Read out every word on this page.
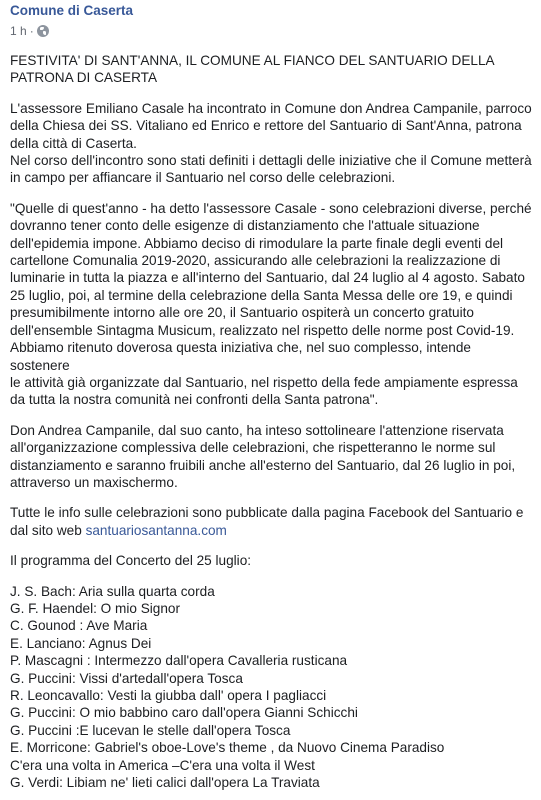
Comune di Caserta
1 h ·
FESTIVITA' DI SANT'ANNA, IL COMUNE AL FIANCO DEL SANTUARIO DELLA
PATRONA DI CASERTA
L'assessore Emiliano Casale ha incontrato in Comune don Andrea Campanile, parroco
della Chiesa dei SS. Vitaliano ed Enrico e rettore del Santuario di Sant'Anna, patrona
della città di Caserta.
Nel corso dell'incontro sono stati definiti i dettagli delle iniziative che il Comune metterà
in campo per affiancare il Santuario nel corso delle celebrazioni.
"Quelle di quest'anno - ha detto l'assessore Casale - sono celebrazioni diverse, perché
dovranno tener conto delle esigenze di distanziamento che l'attuale situazione
dell'epidemia impone. Abbiamo deciso di rimodulare la parte finale degli eventi del
cartellone Comunalia 2019-2020, assicurando alle celebrazioni la realizzazione di
luminarie in tutta la piazza e all'interno del Santuario, dal 24 luglio al 4 agosto. Sabato
25 luglio, poi, al termine della celebrazione della Santa Messa delle ore 19, e quindi
presumibilmente intorno alle ore 20, il Santuario ospiterà un concerto gratuito
dell'ensemble Sintagma Musicum, realizzato nel rispetto delle norme post Covid-19.
Abbiamo ritenuto doverosa questa iniziativa che, nel suo complesso, intende sostenere
le attività già organizzate dal Santuario, nel rispetto della fede ampiamente espressa
da tutta la nostra comunità nei confronti della Santa patrona".
Don Andrea Campanile, dal suo canto, ha inteso sottolineare l'attenzione riservata
all'organizzazione complessiva delle celebrazioni, che rispetteranno le norme sul
distanziamento e saranno fruibili anche all'esterno del Santuario, dal 26 luglio in poi,
attraverso un maxischermo.
Tutte le info sulle celebrazioni sono pubblicate dalla pagina Facebook del Santuario e
dal sito web santuariosantanna.com
Il programma del Concerto del 25 luglio:
J. S. Bach: Aria sulla quarta corda
G. F. Haendel: O mio Signor
C. Gounod : Ave Maria
E. Lanciano: Agnus Dei
P. Mascagni : Intermezzo dall'opera Cavalleria rusticana
G. Puccini: Vissi d'artedall'opera Tosca
R. Leoncavallo: Vesti la giubba dall' opera I pagliacci
G. Puccini: O mio babbino caro dall'opera Gianni Schicchi
G. Puccini :E lucevan le stelle dall'opera Tosca
E. Morricone: Gabriel's oboe-Love's theme , da Nuovo Cinema Paradiso
C'era una volta in America –C'era una volta il West
G. Verdi: Libiam ne' lieti calici dall'opera La Traviata
